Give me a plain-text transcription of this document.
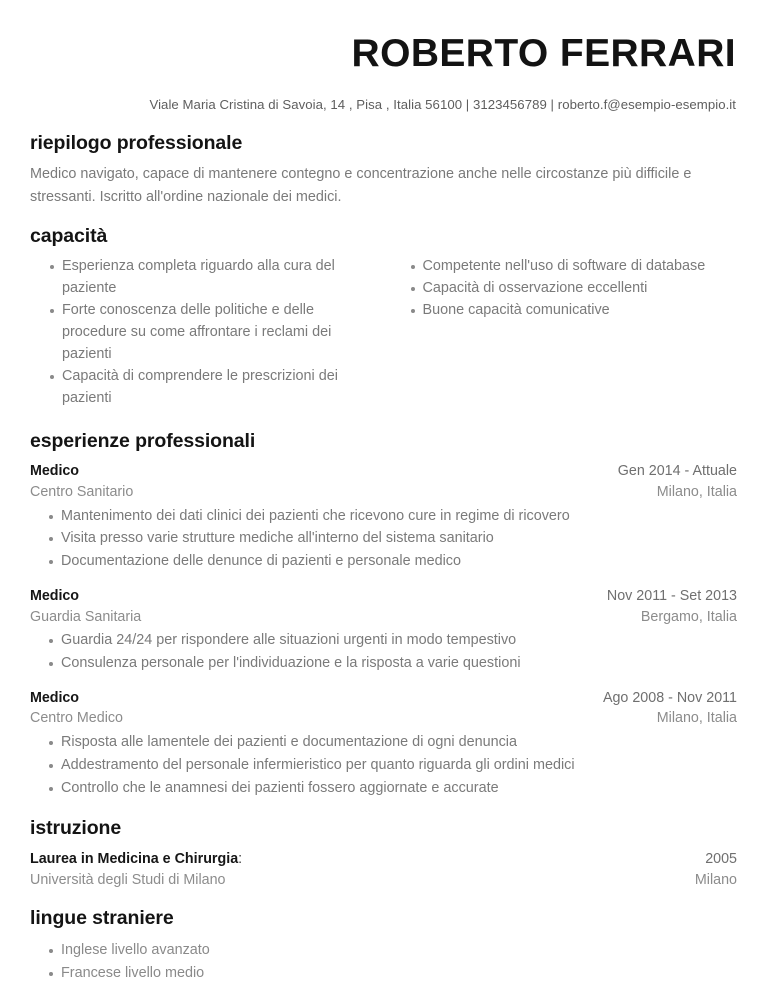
ROBERTO FERRARI
Viale Maria Cristina di Savoia, 14 , Pisa , Italia 56100 | 3123456789 | roberto.f@esempio-esempio.it
riepilogo professionale
Medico navigato, capace di mantenere contegno e concentrazione anche nelle circostanze più difficile e stressanti. Iscritto all'ordine nazionale dei medici.
capacità
Esperienza completa riguardo alla cura del paziente
Forte conoscenza delle politiche e delle procedure su come affrontare i reclami dei pazienti
Capacità di comprendere le prescrizioni dei pazienti
Competente nell'uso di software di database
Capacità di osservazione eccellenti
Buone capacità comunicative
esperienze professionali
Medico	Gen 2014 - Attuale
Centro Sanitario	Milano, Italia
Mantenimento dei dati clinici dei pazienti che ricevono cure in regime di ricovero
Visita presso varie strutture mediche all'interno del sistema sanitario
Documentazione delle denunce di pazienti e personale medico
Medico	Nov 2011 - Set 2013
Guardia Sanitaria	Bergamo, Italia
Guardia 24/24 per rispondere alle situazioni urgenti in modo tempestivo
Consulenza personale per l'individuazione e la risposta a varie questioni
Medico	Ago 2008 - Nov 2011
Centro Medico	Milano, Italia
Risposta alle lamentele dei pazienti e documentazione di ogni denuncia
Addestramento del personale infermieristico per quanto riguarda gli ordini medici
Controllo che le anamnesi dei pazienti fossero aggiornate e accurate
istruzione
Laurea in Medicina e Chirurgia:	2005
Università degli Studi di Milano	Milano
lingue straniere
Inglese livello avanzato
Francese livello medio
